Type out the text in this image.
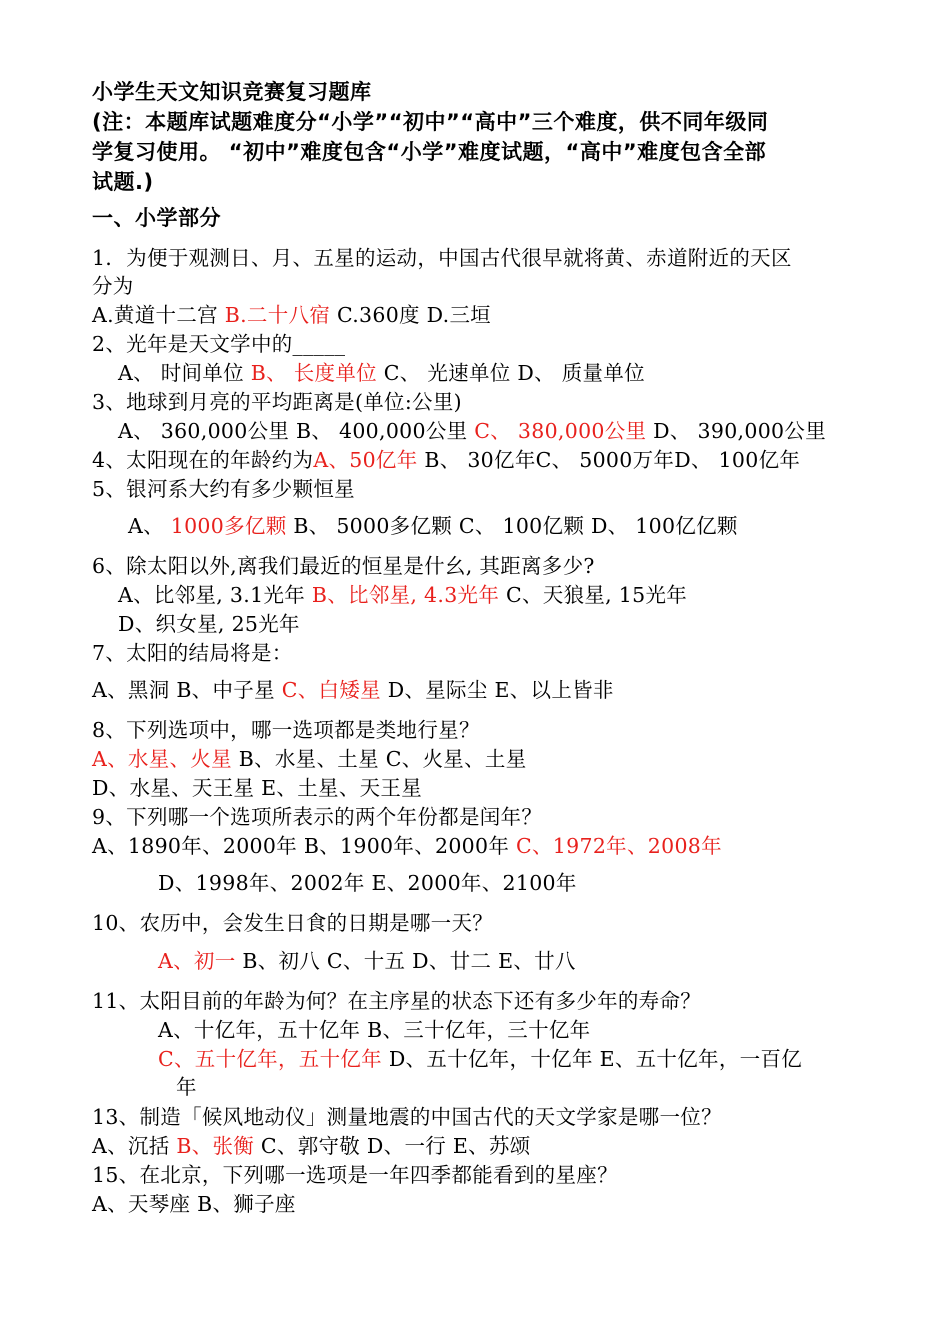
小学生天文知识竞赛复习题库
(注：本题库试题难度分“小学”“初中”“高中”三个难度，供不同年级同
学复习使用。 “初中”难度包含“小学”难度试题，“高中”难度包含全部
试题.)
一、小学部分
1．为便于观测日、月、五星的运动，中国古代很早就将黄、赤道附近的天区
分为
A.黄道十二宫 B.二十八宿 C.360度 D.三垣
2、光年是天文学中的_____
A、 时间单位 B、 长度单位 C、 光速单位 D、 质量单位
3、地球到月亮的平均距离是(单位:公里)
A、 360,000公里 B、 400,000公里 C、 380,000公里 D、 390,000公里
4、太阳现在的年龄约为A、50亿年 B、 30亿年C、 5000万年D、 100亿年
5、银河系大约有多少颗恒星
A、 1000多亿颗 B、 5000多亿颗 C、 100亿颗 D、 100亿亿颗
6、除太阳以外,离我们最近的恒星是什幺, 其距离多少?
A、比邻星, 3.1光年 B、比邻星, 4.3光年 C、天狼星, 15光年
D、织女星, 25光年
7、太阳的结局将是：
A、黑洞 B、中子星 C、白矮星 D、星际尘 E、以上皆非
8、下列选项中，哪一选项都是类地行星？
A、水星、火星 B、水星、土星 C、火星、土星
D、水星、天王星 E、土星、天王星
9、下列哪一个选项所表示的两个年份都是闰年？
A、1890年、2000年 B、1900年、2000年 C、1972年、2008年
D、1998年、2002年 E、2000年、2100年
10、农历中，会发生日食的日期是哪一天？
A、初一 B、初八 C、十五 D、廿二 E、廿八
11、太阳目前的年龄为何？在主序星的状态下还有多少年的寿命？
A、十亿年，五十亿年 B、三十亿年，三十亿年
C、五十亿年，五十亿年 D、五十亿年，十亿年 E、五十亿年，一百亿
年
13、制造「候风地动仪」测量地震的中国古代的天文学家是哪一位？
A、沉括 B、张衡 C、郭守敬 D、一行 E、苏颂
15、在北京，下列哪一选项是一年四季都能看到的星座？
A、天琴座 B、狮子座
